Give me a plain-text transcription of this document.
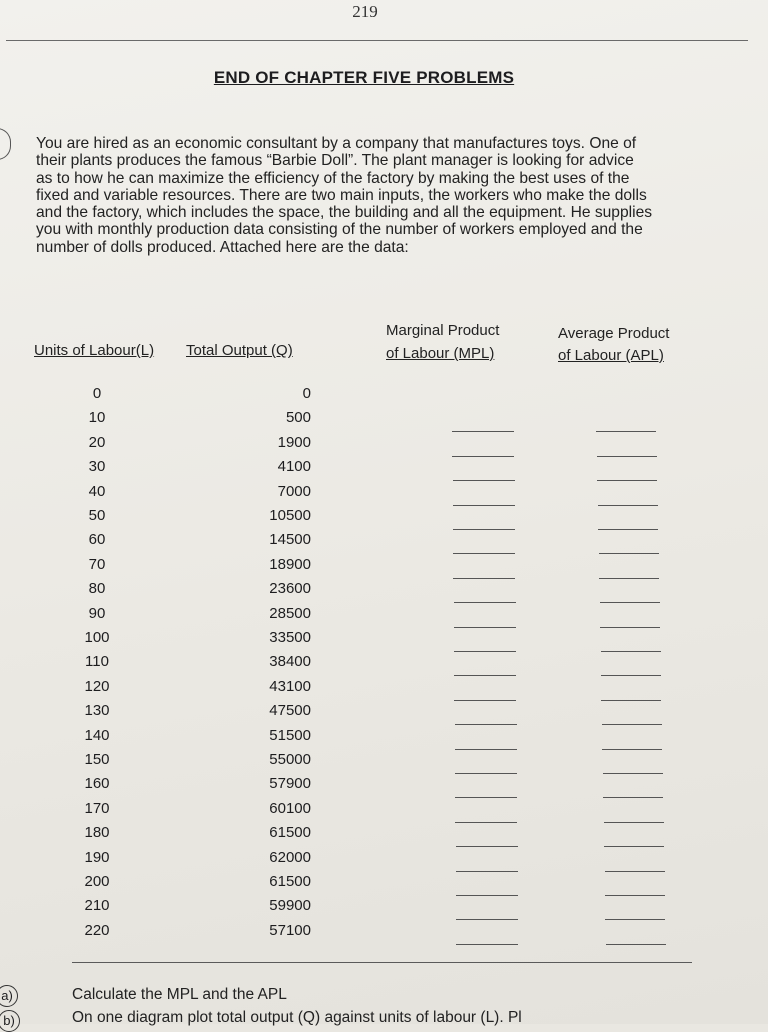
219
END OF CHAPTER FIVE PROBLEMS
You are hired as an economic consultant by a company that manufactures toys. One of
their plants produces the famous “Barbie Doll”. The plant manager is looking for advice
as to how he can maximize the efficiency of the factory by making the best uses of the
fixed and variable resources. There are two main inputs, the workers who make the dolls
and the factory, which includes the space, the building and all the equipment. He supplies
you with monthly production data consisting of the number of workers employed and the
number of dolls produced. Attached here are the data:
Units of Labour(L) Total Output (Q)
Marginal Product
of Labour (MPL)
Average Product
of Labour (APL)
0	0
10	500
20	1900
30	4100
40	7000
50	10500
60	14500
70	18900
80	23600
90	28500
100	33500
110	38400
120	43100
130	47500
140	51500
150	55000
160	57900
170	60100
180	61500
190	62000
200	61500
210	59900
220	57100
a)	Calculate the MPL and the APL
b)	On one diagram plot total output (Q) against units of labour (L). Pl
